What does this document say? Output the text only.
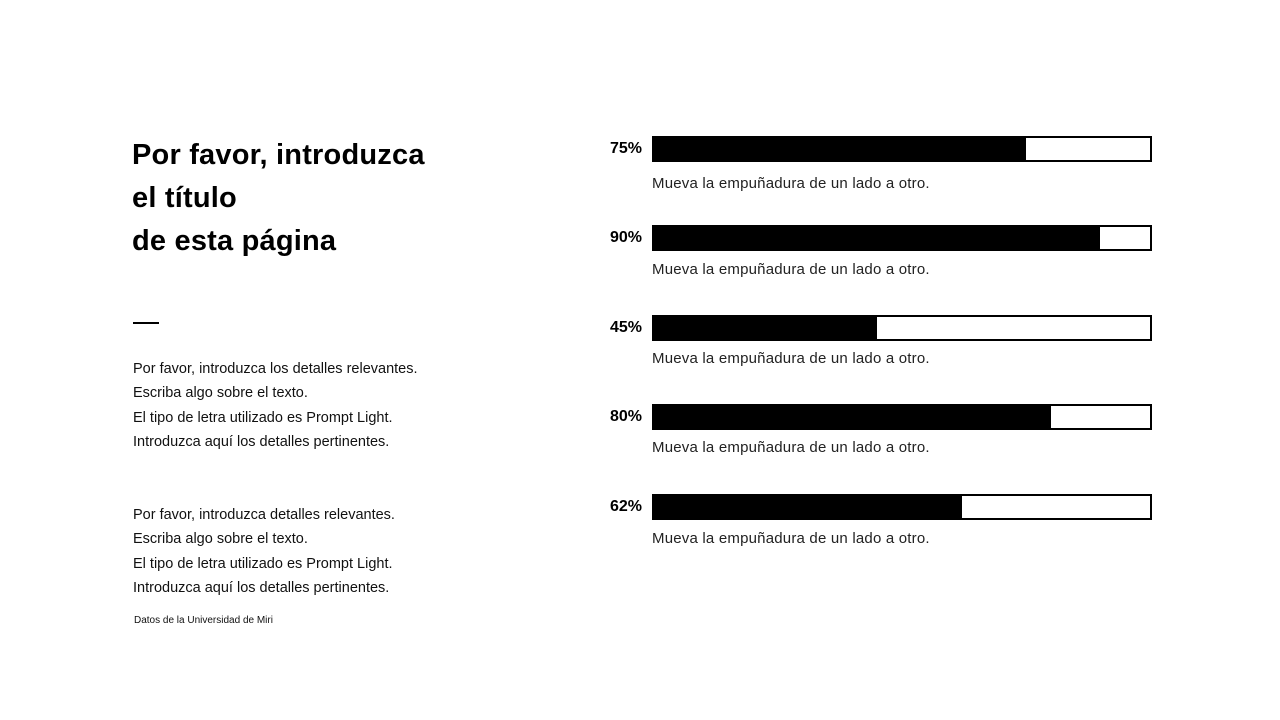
Por favor, introduzca
el título
de esta página

Por favor, introduzca los detalles relevantes.
Escriba algo sobre el texto.
El tipo de letra utilizado es Prompt Light.
Introduzca aquí los detalles pertinentes.

Por favor, introduzca detalles relevantes.
Escriba algo sobre el texto.
El tipo de letra utilizado es Prompt Light.
Introduzca aquí los detalles pertinentes.

Datos de la Universidad de Miri
75%
Mueva la empuñadura de un lado a otro.
90%
Mueva la empuñadura de un lado a otro.
45%
Mueva la empuñadura de un lado a otro.
80%
Mueva la empuñadura de un lado a otro.
62%
Mueva la empuñadura de un lado a otro.
